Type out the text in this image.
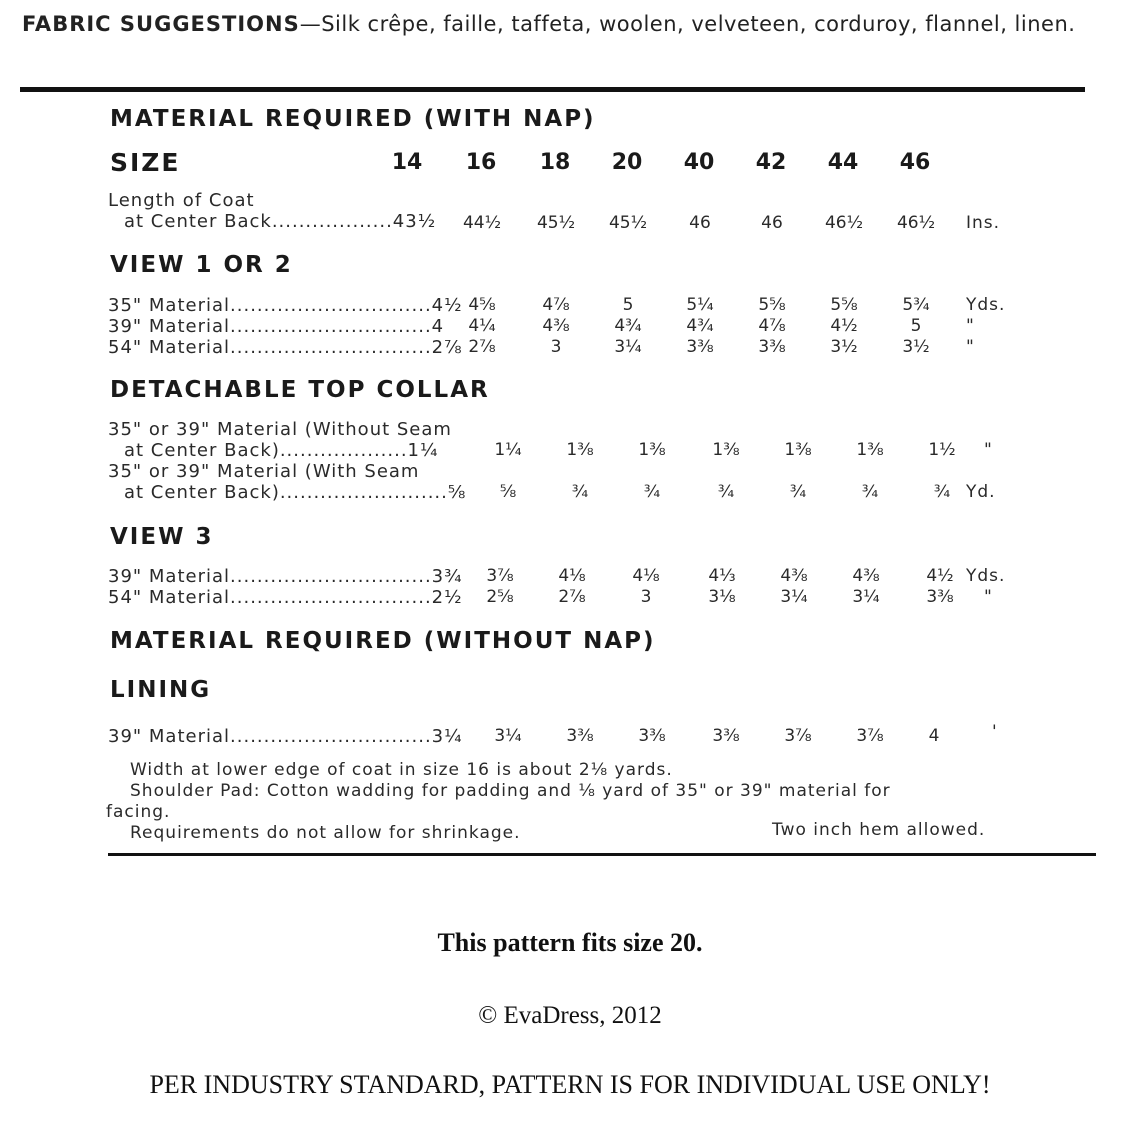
FABRIC SUGGESTIONS—Silk crêpe, faille, taffeta, woolen, velveteen, corduroy, flannel, linen.
MATERIAL REQUIRED (WITH NAP)
SIZE	14	16	18	20	40	42	44	46
Length of Coat
at Center Back..................43½	44½	45½	45½	46	46	46½	46½	Ins.
VIEW 1 OR 2
35" Material..............................4½ 4⅝	4⅞	5	5¼	5⅝	5⅝	5¾	Yds.
39" Material..............................4	4¼	4⅜	4¾	4¾	4⅞	4½	5	"
54" Material..............................2⅞ 2⅞	3	3¼	3⅜	3⅜	3½	3½	"
DETACHABLE TOP COLLAR
35" or 39" Material (Without Seam
at Center Back)...................1¼	1¼	1⅜	1⅜	1⅜	1⅜	1⅜	1½	"
35" or 39" Material (With Seam
at Center Back).........................⅝	⅝	¾	¾	¾	¾	¾	¾ Yd.
VIEW 3
39" Material..............................3¾	3⅞	4⅛	4⅛	4⅓	4⅜	4⅜	4½ Yds.
54" Material..............................2½	2⅝	2⅞	3	3⅛	3¼	3¼	3⅜	"
MATERIAL REQUIRED (WITHOUT NAP)
LINING
39" Material..............................3¼	3¼	3⅜	3⅜	3⅜	3⅞	3⅞	4	'
Width at lower edge of coat in size 16 is about 2⅛ yards.
Shoulder Pad: Cotton wadding for padding and ⅛ yard of 35" or 39" material for
facing.
Requirements do not allow for shrinkage.	Two inch hem allowed.
This pattern fits size 20.
© EvaDress, 2012
PER INDUSTRY STANDARD, PATTERN IS FOR INDIVIDUAL USE ONLY!
